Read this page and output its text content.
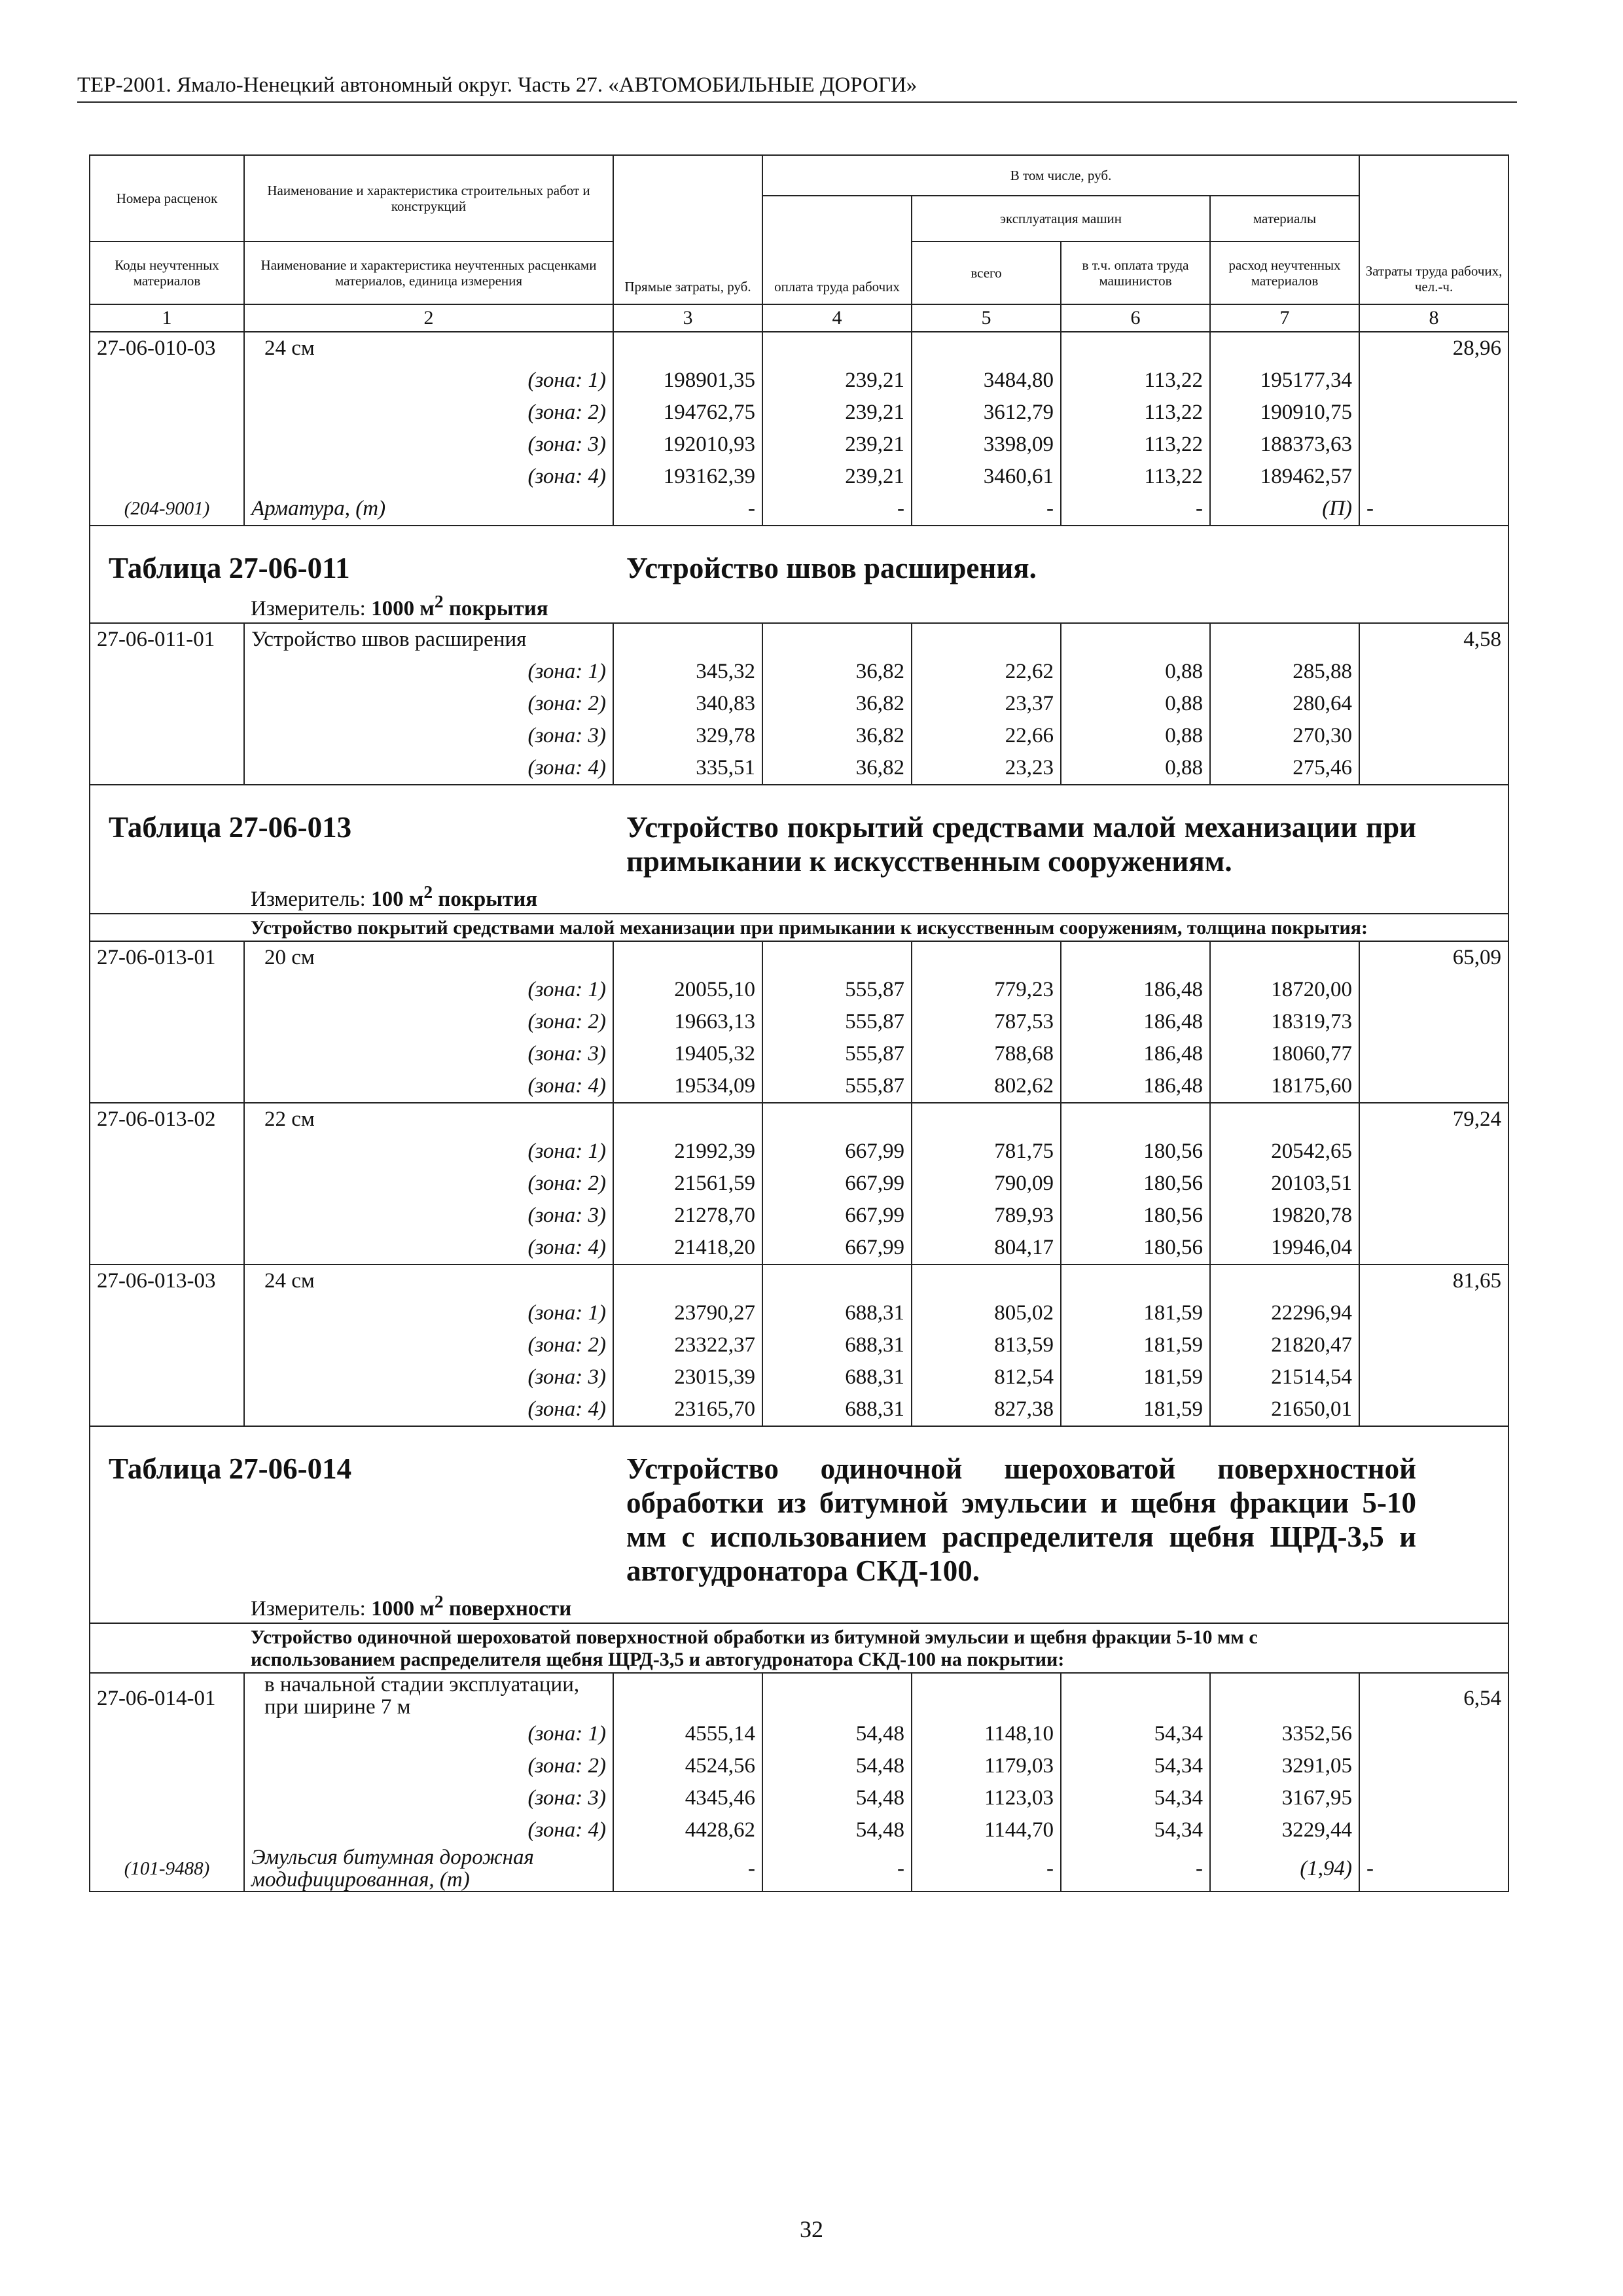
ТЕР-2001. Ямало-Ненецкий автономный округ. Часть 27. «АВТОМОБИЛЬНЫЕ ДОРОГИ»
Номера расценок	Наименование и характеристика строительных работ и конструкций	Прямые затраты, руб.	В том числе, руб.				Затраты труда рабочих, чел.-ч.
			оплата труда рабочих	эксплуатация машин		материалы	
Коды неучтенных материалов	Наименование и характеристика неучтенных расценками материалов, единица измерения			всего	в т.ч. оплата труда машинистов	расход неучтенных материалов	
1	2	3	4	5	6	7	8
27-06-010-03	24 см						28,96
	(зона: 1)	198901,35	239,21	3484,80	113,22	195177,34	
	(зона: 2)	194762,75	239,21	3612,79	113,22	190910,75	
	(зона: 3)	192010,93	239,21	3398,09	113,22	188373,63	
	(зона: 4)	193162,39	239,21	3460,61	113,22	189462,57	
(204-9001)	Арматура, (т)	-	-	-	-	(П)	-
Таблица 27-06-011		Устройство швов расширения.					

	Измеритель: 1000 $м^2$ покрытия						
27-06-011-01	Устройство швов расширения						4,58
	(зона: 1)	345,32	36,82	22,62	0,88	285,88	
	(зона: 2)	340,83	36,82	23,37	0,88	280,64	
	(зона: 3)	329,78	36,82	22,66	0,88	270,30	
	(зона: 4)	335,51	36,82	23,23	0,88	275,46	
Таблица 27-06-013		Устройство покрытий средствами малой механизации при примыкании к искусственным сооружениям.					

	Измеритель: 100 $м^2$ покрытия						
	Устройство покрытий средствами малой механизации при примыкании к искусственным сооружениям, толщина покрытия:						
27-06-013-01	20 см						65,09
	(зона: 1)	20055,10	555,87	779,23	186,48	18720,00	
	(зона: 2)	19663,13	555,87	787,53	186,48	18319,73	
	(зона: 3)	19405,32	555,87	788,68	186,48	18060,77	
	(зона: 4)	19534,09	555,87	802,62	186,48	18175,60	
27-06-013-02	22 см						79,24
	(зона: 1)	21992,39	667,99	781,75	180,56	20542,65	
	(зона: 2)	21561,59	667,99	790,09	180,56	20103,51	
	(зона: 3)	21278,70	667,99	789,93	180,56	19820,78	
	(зона: 4)	21418,20	667,99	804,17	180,56	19946,04	
27-06-013-03	24 см						81,65
	(зона: 1)	23790,27	688,31	805,02	181,59	22296,94	
	(зона: 2)	23322,37	688,31	813,59	181,59	21820,47	
	(зона: 3)	23015,39	688,31	812,54	181,59	21514,54	
	(зона: 4)	23165,70	688,31	827,38	181,59	21650,01	
Таблица 27-06-014		Устройство одиночной шероховатой поверхностной обработки из битумной эмульсии и щебня фракции 5-10 мм с использованием распределителя щебня ЩРД-3,5 и автогудронатора СКД-100.					

	Измеритель: 1000 $м^2$ поверхности						
	Устройство одиночной шероховатой поверхностной обработки из битумной эмульсии и щебня фракции 5-10 мм с использованием распределителя щебня ЩРД-3,5 и автогудронатора СКД-100 на покрытии:						
27-06-014-01	в начальной стадии эксплуатации, при ширине 7 м						6,54
	(зона: 1)	4555,14	54,48	1148,10	54,34	3352,56	
	(зона: 2)	4524,56	54,48	1179,03	54,34	3291,05	
	(зона: 3)	4345,46	54,48	1123,03	54,34	3167,95	
	(зона: 4)	4428,62	54,48	1144,70	54,34	3229,44	
(101-9488)	Эмульсия битумная дорожная модифицированная, (т)	-	-	-	-	(1,94)	-
32
